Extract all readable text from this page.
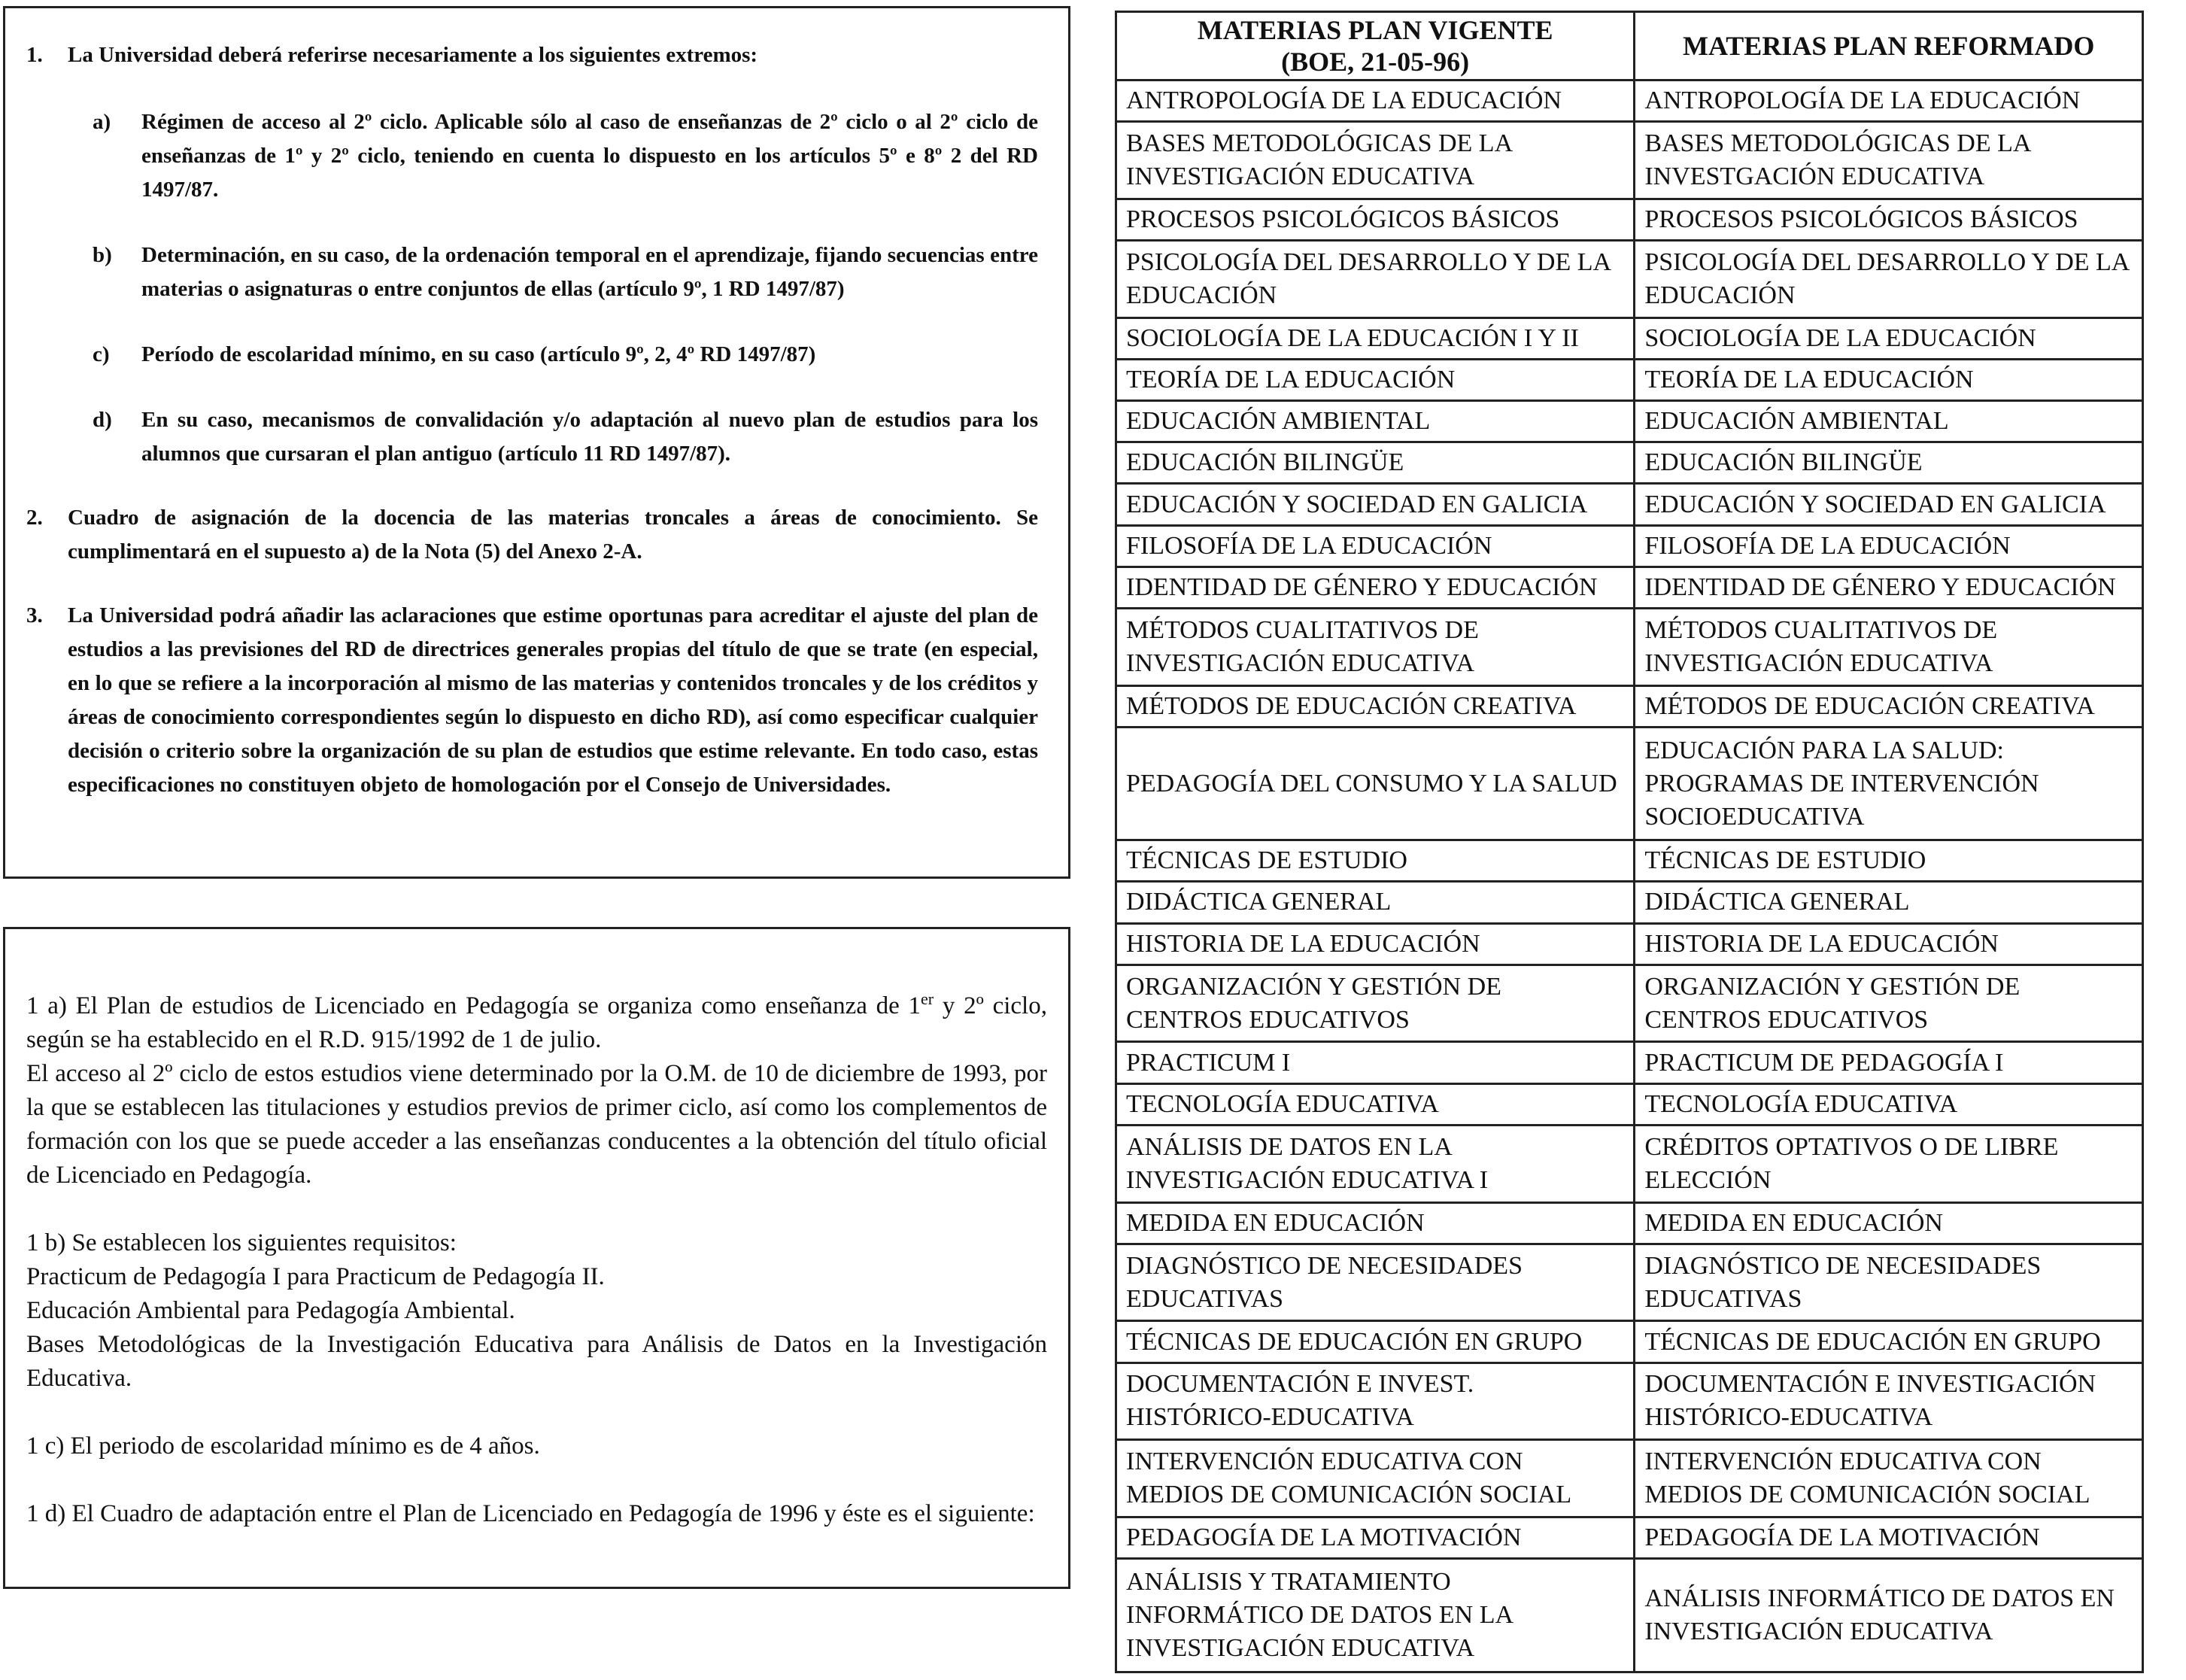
1.	La Universidad deberá referirse necesariamente a los siguientes extremos:
a)	Régimen de acceso al 2º ciclo. Aplicable sólo al caso de enseñanzas de 2º ciclo o al 2º ciclo de enseñanzas de 1º y 2º ciclo, teniendo en cuenta lo dispuesto en los artículos 5º e 8º 2 del RD 1497/87.
b)	Determinación, en su caso, de la ordenación temporal en el aprendizaje, fijando secuencias entre materias o asignaturas o entre conjuntos de ellas (artículo 9º, 1 RD 1497/87)
c)	Período de escolaridad mínimo, en su caso (artículo 9º, 2, 4º RD 1497/87)
d)	En su caso, mecanismos de convalidación y/o adaptación al nuevo plan de estudios para los alumnos que cursaran el plan antiguo (artículo 11 RD 1497/87).
2.	Cuadro de asignación de la docencia de las materias troncales a áreas de conocimiento. Se cumplimentará en el supuesto a) de la Nota (5) del Anexo 2-A.
3.	La Universidad podrá añadir las aclaraciones que estime oportunas para acreditar el ajuste del plan de estudios a las previsiones del RD de directrices generales propias del título de que se trate (en especial, en lo que se refiere a la incorporación al mismo de las materias y contenidos troncales y de los créditos y áreas de conocimiento correspondientes según lo dispuesto en dicho RD), así como especificar cualquier decisión o criterio sobre la organización de su plan de estudios que estime relevante. En todo caso, estas especificaciones no constituyen objeto de homologación por el Consejo de Universidades.

1 a) El Plan de estudios de Licenciado en Pedagogía se organiza como enseñanza de 1er y 2º ciclo, según se ha establecido en el R.D. 915/1992 de 1 de julio.
El acceso al 2º ciclo de estos estudios viene determinado por la O.M. de 10 de diciembre de 1993, por la que se establecen las titulaciones y estudios previos de primer ciclo, así como los complementos de formación con los que se puede acceder a las enseñanzas conducentes a la obtención del título oficial de Licenciado en Pedagogía.

1 b) Se establecen los siguientes requisitos:
Practicum de Pedagogía I para Practicum de Pedagogía II.
Educación Ambiental para Pedagogía Ambiental.
Bases Metodológicas de la Investigación Educativa para Análisis de Datos en la Investigación Educativa.

1 c) El periodo de escolaridad mínimo es de 4 años.

1 d) El Cuadro de adaptación entre el Plan de Licenciado en Pedagogía de 1996 y éste es el siguiente:

MATERIAS PLAN VIGENTE
(BOE, 21-05-96)	MATERIAS PLAN REFORMADO
ANTROPOLOGÍA DE LA EDUCACIÓN	ANTROPOLOGÍA DE LA EDUCACIÓN
BASES METODOLÓGICAS DE LA INVESTIGACIÓN EDUCATIVA	BASES METODOLÓGICAS DE LA INVESTGACIÓN EDUCATIVA
PROCESOS PSICOLÓGICOS BÁSICOS	PROCESOS PSICOLÓGICOS BÁSICOS
PSICOLOGÍA DEL DESARROLLO Y DE LA EDUCACIÓN	PSICOLOGÍA DEL DESARROLLO Y DE LA EDUCACIÓN
SOCIOLOGÍA DE LA EDUCACIÓN I Y II	SOCIOLOGÍA DE LA EDUCACIÓN
TEORÍA DE LA EDUCACIÓN	TEORÍA DE LA EDUCACIÓN
EDUCACIÓN AMBIENTAL	EDUCACIÓN AMBIENTAL
EDUCACIÓN BILINGÜE	EDUCACIÓN BILINGÜE
EDUCACIÓN Y SOCIEDAD EN GALICIA	EDUCACIÓN Y SOCIEDAD EN GALICIA
FILOSOFÍA DE LA EDUCACIÓN	FILOSOFÍA DE LA EDUCACIÓN
IDENTIDAD DE GÉNERO Y EDUCACIÓN	IDENTIDAD DE GÉNERO Y EDUCACIÓN
MÉTODOS CUALITATIVOS DE INVESTIGACIÓN EDUCATIVA	MÉTODOS CUALITATIVOS DE INVESTIGACIÓN EDUCATIVA
MÉTODOS DE EDUCACIÓN CREATIVA	MÉTODOS DE EDUCACIÓN CREATIVA
PEDAGOGÍA DEL CONSUMO Y LA SALUD	EDUCACIÓN PARA LA SALUD: PROGRAMAS DE INTERVENCIÓN SOCIOEDUCATIVA
TÉCNICAS DE ESTUDIO	TÉCNICAS DE ESTUDIO
DIDÁCTICA GENERAL	DIDÁCTICA GENERAL
HISTORIA DE LA EDUCACIÓN	HISTORIA DE LA EDUCACIÓN
ORGANIZACIÓN Y GESTIÓN DE CENTROS EDUCATIVOS	ORGANIZACIÓN Y GESTIÓN DE CENTROS EDUCATIVOS
PRACTICUM I	PRACTICUM DE PEDAGOGÍA I
TECNOLOGÍA EDUCATIVA	TECNOLOGÍA EDUCATIVA
ANÁLISIS DE DATOS EN LA INVESTIGACIÓN EDUCATIVA I	CRÉDITOS OPTATIVOS O DE LIBRE ELECCIÓN
MEDIDA EN EDUCACIÓN	MEDIDA EN EDUCACIÓN
DIAGNÓSTICO DE NECESIDADES EDUCATIVAS	DIAGNÓSTICO DE NECESIDADES EDUCATIVAS
TÉCNICAS DE EDUCACIÓN EN GRUPO	TÉCNICAS DE EDUCACIÓN EN GRUPO
DOCUMENTACIÓN E INVEST. HISTÓRICO-EDUCATIVA	DOCUMENTACIÓN E INVESTIGACIÓN HISTÓRICO-EDUCATIVA
INTERVENCIÓN EDUCATIVA CON MEDIOS DE COMUNICACIÓN SOCIAL	INTERVENCIÓN EDUCATIVA CON MEDIOS DE COMUNICACIÓN SOCIAL
PEDAGOGÍA DE LA MOTIVACIÓN	PEDAGOGÍA DE LA MOTIVACIÓN
ANÁLISIS Y TRATAMIENTO INFORMÁTICO DE DATOS EN LA INVESTIGACIÓN EDUCATIVA	ANÁLISIS INFORMÁTICO DE DATOS EN INVESTIGACIÓN EDUCATIVA
